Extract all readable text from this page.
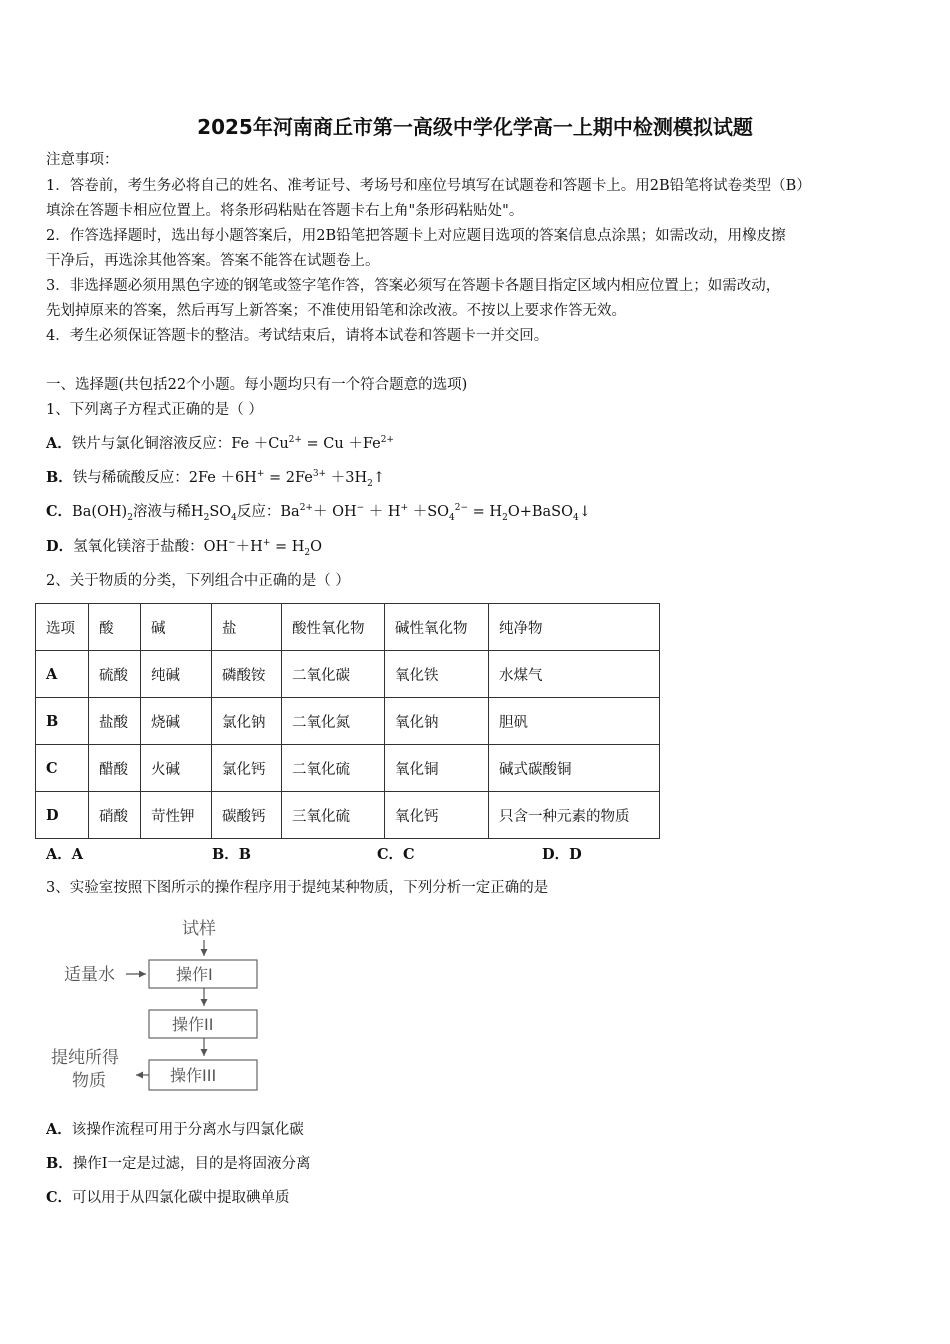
2025年河南商丘市第一高级中学化学高一上期中检测模拟试题
注意事项：
1．答卷前，考生务必将自己的姓名、准考证号、考场号和座位号填写在试题卷和答题卡上。用2B铅笔将试卷类型（B）
填涂在答题卡相应位置上。将条形码粘贴在答题卡右上角"条形码粘贴处"。
2．作答选择题时，选出每小题答案后，用2B铅笔把答题卡上对应题目选项的答案信息点涂黑；如需改动，用橡皮擦
干净后，再选涂其他答案。答案不能答在试题卷上。
3．非选择题必须用黑色字迹的钢笔或签字笔作答，答案必须写在答题卡各题目指定区域内相应位置上；如需改动，
先划掉原来的答案，然后再写上新答案；不准使用铅笔和涂改液。不按以上要求作答无效。
4．考生必须保证答题卡的整洁。考试结束后，请将本试卷和答题卡一并交回。
一、选择题(共包括22个小题。每小题均只有一个符合题意的选项)
1、下列离子方程式正确的是（ ）
A．铁片与氯化铜溶液反应：$Fe +Cu^{2+} = Cu +Fe^{2+}$
B．铁与稀硫酸反应：$2Fe +6H^+ = 2Fe^{3+}$ $+3H_2↑$
C．$Ba(OH)_2$溶液与稀$H_2SO_4$反应：$Ba^{2+}+ OH^- + H^+ +SO_4^{2-}$ = $H_2O+BaSO_4↓$
D．氢氧化镁溶于盐酸：$OH^-+H^+ = H_2O$
2、关于物质的分类，下列组合中正确的是（ ）
选项	酸	碱	盐	酸性氧化物	碱性氧化物	纯净物
A	硫酸	纯碱	磷酸铵	二氧化碳	氧化铁	水煤气
B	盐酸	烧碱	氯化钠	二氧化氮	氧化钠	胆矾
C	醋酸	火碱	氯化钙	二氧化硫	氧化铜	碱式碳酸铜
D	硝酸	苛性钾	碳酸钙	三氧化硫	氧化钙	只含一种元素的物质
A．A	B．B	C．C	D．D
3、实验室按照下图所示的操作程序用于提纯某种物质，下列分析一定正确的是
试样
适量水	操作I
操作II
操作III
提纯所得
物质
A．该操作流程可用于分离水与四氯化碳
B．操作I一定是过滤，目的是将固液分离
C．可以用于从四氯化碳中提取碘单质
